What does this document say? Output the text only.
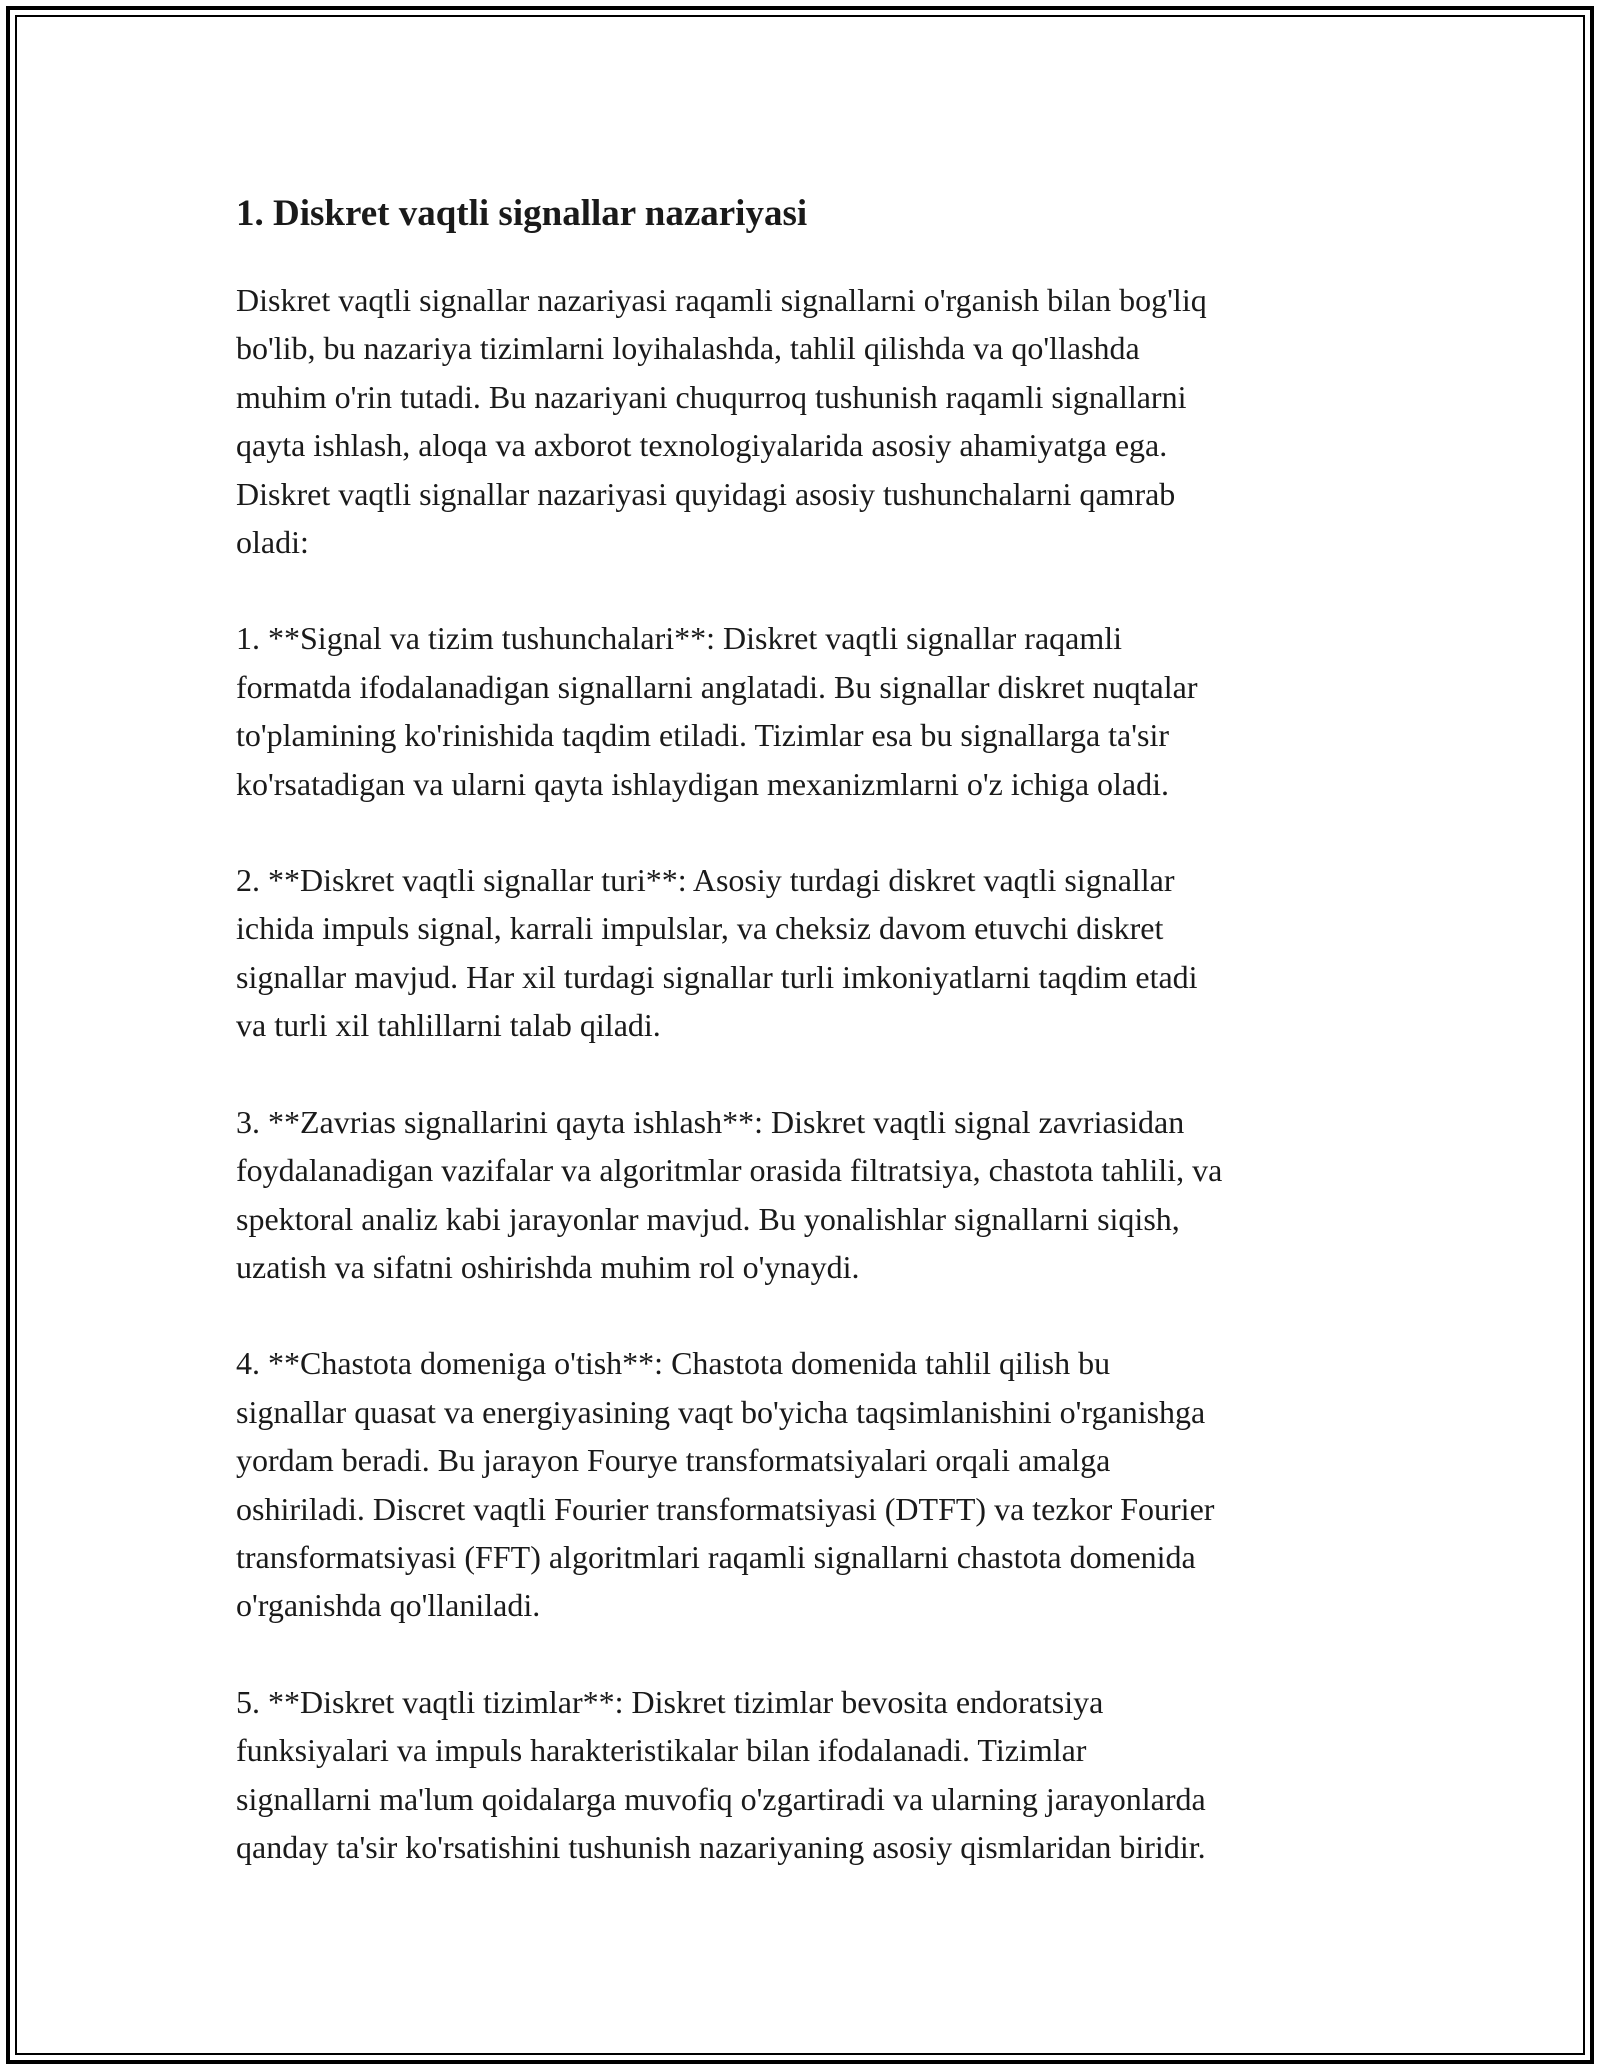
1. Diskret vaqtli signallar nazariyasi

Diskret vaqtli signallar nazariyasi raqamli signallarni o'rganish bilan bog'liq
bo'lib, bu nazariya tizimlarni loyihalashda, tahlil qilishda va qo'llashda
muhim o'rin tutadi. Bu nazariyani chuqurroq tushunish raqamli signallarni
qayta ishlash, aloqa va axborot texnologiyalarida asosiy ahamiyatga ega.
Diskret vaqtli signallar nazariyasi quyidagi asosiy tushunchalarni qamrab
oladi:

1. **Signal va tizim tushunchalari**: Diskret vaqtli signallar raqamli
formatda ifodalanadigan signallarni anglatadi. Bu signallar diskret nuqtalar
to'plamining ko'rinishida taqdim etiladi. Tizimlar esa bu signallarga ta'sir
ko'rsatadigan va ularni qayta ishlaydigan mexanizmlarni o'z ichiga oladi.

2. **Diskret vaqtli signallar turi**: Asosiy turdagi diskret vaqtli signallar
ichida impuls signal, karrali impulslar, va cheksiz davom etuvchi diskret
signallar mavjud. Har xil turdagi signallar turli imkoniyatlarni taqdim etadi
va turli xil tahlillarni talab qiladi.

3. **Zavrias signallarini qayta ishlash**: Diskret vaqtli signal zavriasidan
foydalanadigan vazifalar va algoritmlar orasida filtratsiya, chastota tahlili, va
spektoral analiz kabi jarayonlar mavjud. Bu yonalishlar signallarni siqish,
uzatish va sifatni oshirishda muhim rol o'ynaydi.

4. **Chastota domeniga o'tish**: Chastota domenida tahlil qilish bu
signallar quasat va energiyasining vaqt bo'yicha taqsimlanishini o'rganishga
yordam beradi. Bu jarayon Fourye transformatsiyalari orqali amalga
oshiriladi. Discret vaqtli Fourier transformatsiyasi (DTFT) va tezkor Fourier
transformatsiyasi (FFT) algoritmlari raqamli signallarni chastota domenida
o'rganishda qo'llaniladi.

5. **Diskret vaqtli tizimlar**: Diskret tizimlar bevosita endoratsiya
funksiyalari va impuls harakteristikalar bilan ifodalanadi. Tizimlar
signallarni ma'lum qoidalarga muvofiq o'zgartiradi va ularning jarayonlarda
qanday ta'sir ko'rsatishini tushunish nazariyaning asosiy qismlaridan biridir.
